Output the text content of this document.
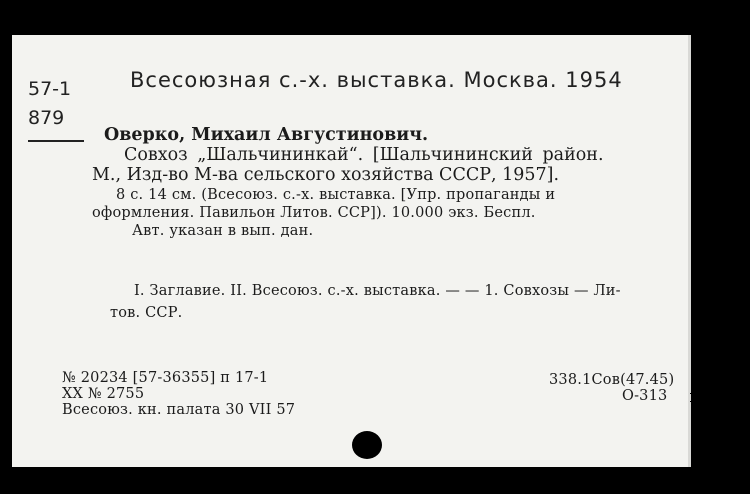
57-1
879
Всесоюзная с.-х. выставка. Москва. 1954
Оверко, Михаил Августинович.
Совхоз „Шальчининкай“. [Шальчининский район.
М., Изд-во М-ва сельского хозяйства СССР, 1957].
8 с. 14 см. (Всесоюз. с.-х. выставка. [Упр. пропаганды и
оформления. Павильон Литов. ССР]). 10.000 экз. Беспл.
Авт. указан в вып. дан.
I. Заглавие. II. Всесоюз. с.-х. выставка. — — 1. Совхозы — Ли-
тов. ССР.
№ 20234 [57-36355] п 17-1
XX № 2755
Всесоюз. кн. палата 30 VII 57
338.1Сов(47.45)
О-313
